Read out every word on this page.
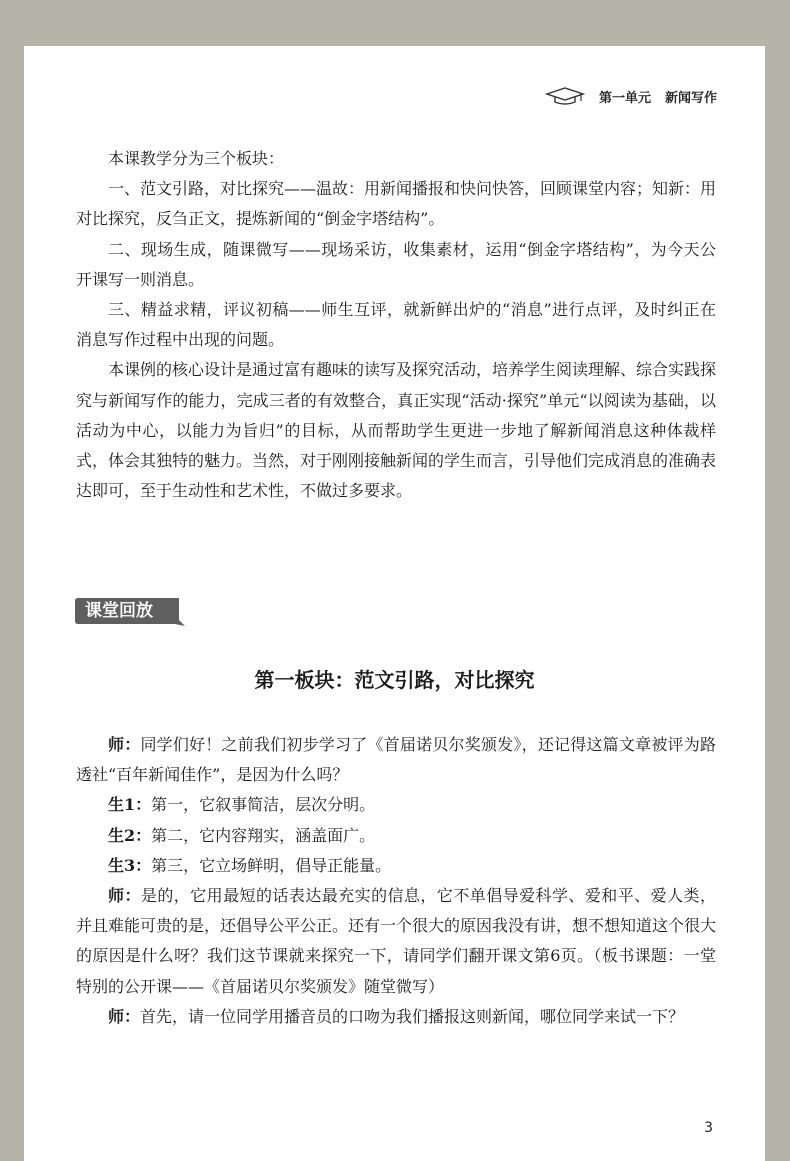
第一单元 新闻写作

本课教学分为三个板块：

一、范文引路，对比探究——温故：用新闻播报和快问快答，回顾课堂内容；知新：用对比探究，反刍正文，提炼新闻的“倒金字塔结构”。

二、现场生成，随课微写——现场采访，收集素材，运用“倒金字塔结构”，为今天公开课写一则消息。

三、精益求精，评议初稿——师生互评，就新鲜出炉的“消息”进行点评，及时纠正在消息写作过程中出现的问题。

本课例的核心设计是通过富有趣味的读写及探究活动，培养学生阅读理解、综合实践探究与新闻写作的能力，完成三者的有效整合，真正实现“活动·探究”单元“以阅读为基础，以活动为中心，以能力为旨归”的目标，从而帮助学生更进一步地了解新闻消息这种体裁样式，体会其独特的魅力。当然，对于刚刚接触新闻的学生而言，引导他们完成消息的准确表达即可，至于生动性和艺术性，不做过多要求。

课堂回放
第一板块：范文引路，对比探究

师：同学们好！之前我们初步学习了《首届诺贝尔奖颁发》，还记得这篇文章被评为路透社“百年新闻佳作”，是因为什么吗？

生1：第一，它叙事简洁，层次分明。

生2：第二，它内容翔实，涵盖面广。

生3：第三，它立场鲜明，倡导正能量。

师：是的，它用最短的话表达最充实的信息，它不单倡导爱科学、爱和平、爱人类，并且难能可贵的是，还倡导公平公正。还有一个很大的原因我没有讲，想不想知道这个很大的原因是什么呀？我们这节课就来探究一下，请同学们翻开课文第6页。（板书课题：一堂特别的公开课——《首届诺贝尔奖颁发》随堂微写）

师：首先，请一位同学用播音员的口吻为我们播报这则新闻，哪位同学来试一下？

3
